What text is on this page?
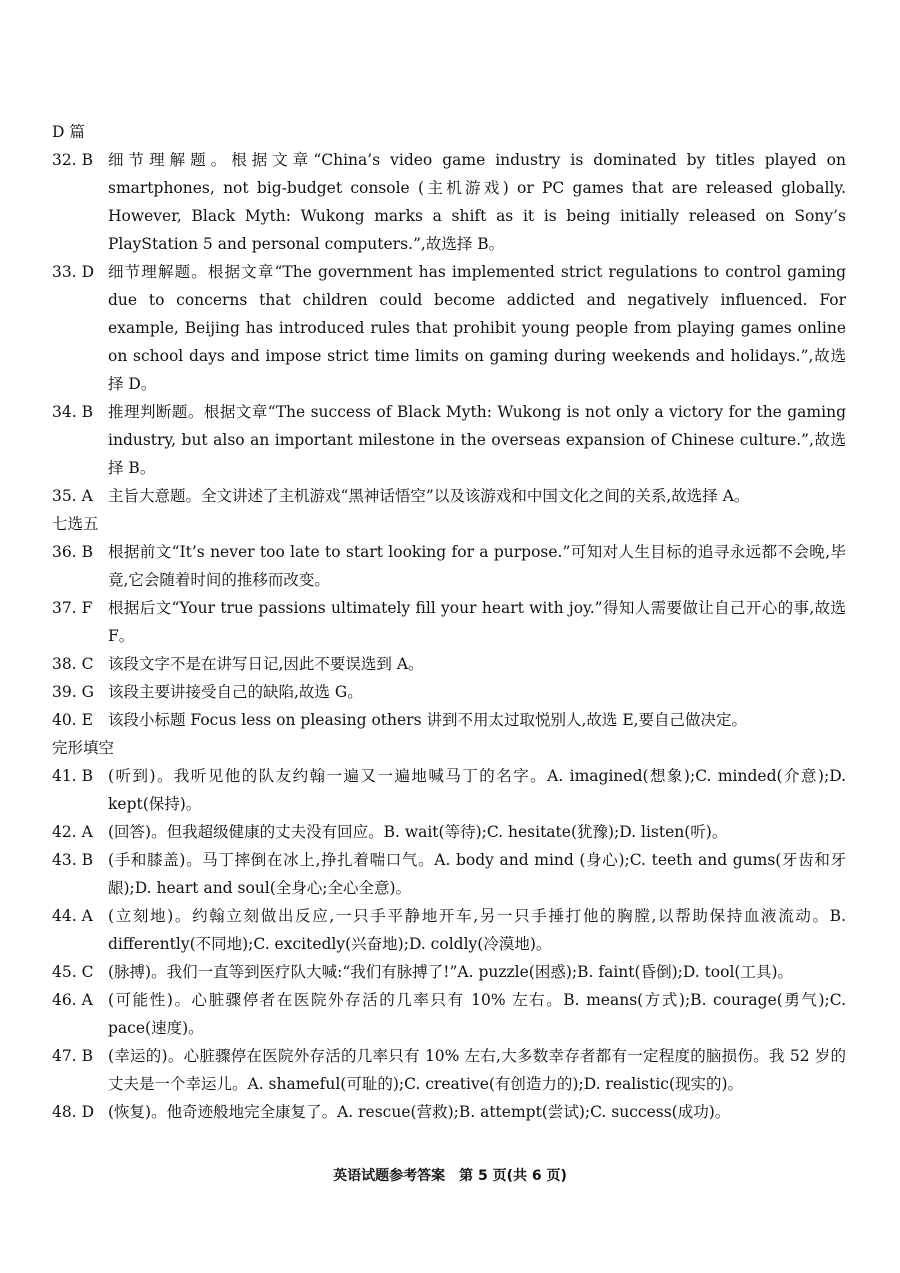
D 篇
32. B 细节理解题。根据文章“China’s video game industry is dominated by titles played on smartphones, not big-budget console (主机游戏) or PC games that are released globally. However, Black Myth: Wukong marks a shift as it is being initially released on Sony’s PlayStation 5 and personal computers.”,故选择 B。
33. D 细节理解题。根据文章“The government has implemented strict regulations to control gaming due to concerns that children could become addicted and negatively influenced. For example, Beijing has introduced rules that prohibit young people from playing games online on school days and impose strict time limits on gaming during weekends and holidays.”,故选择 D。
34. B 推理判断题。根据文章“The success of Black Myth: Wukong is not only a victory for the gaming industry, but also an important milestone in the overseas expansion of Chinese culture.”,故选择 B。
35. A 主旨大意题。全文讲述了主机游戏“黑神话悟空”以及该游戏和中国文化之间的关系,故选择 A。
七选五
36. B 根据前文“It’s never too late to start looking for a purpose.”可知对人生目标的追寻永远都不会晚,毕竟,它会随着时间的推移而改变。
37. F	根据后文“Your true passions ultimately fill your heart with joy.”得知人需要做让自己开心的事,故选 F。
38. C 该段文字不是在讲写日记,因此不要误选到 A。
39. G 该段主要讲接受自己的缺陷,故选 G。
40. E 该段小标题 Focus less on pleasing others 讲到不用太过取悦别人,故选 E,要自己做决定。
完形填空
41. B (听到)。我听见他的队友约翰一遍又一遍地喊马丁的名字。A. imagined(想象);C. minded(介意);D. kept(保持)。
42. A (回答)。但我超级健康的丈夫没有回应。B. wait(等待);C. hesitate(犹豫);D. listen(听)。
43. B (手和膝盖)。马丁摔倒在冰上,挣扎着喘口气。A. body and mind (身心);C. teeth and gums(牙齿和牙龈);D. heart and soul(全身心;全心全意)。
44. A (立刻地)。约翰立刻做出反应,一只手平静地开车,另一只手捶打他的胸膛,以帮助保持血液流动。B. differently(不同地);C. excitedly(兴奋地);D. coldly(冷漠地)。
45. C (脉搏)。我们一直等到医疗队大喊:“我们有脉搏了!”A. puzzle(困惑);B. faint(昏倒);D. tool(工具)。
46. A (可能性)。心脏骤停者在医院外存活的几率只有 10% 左右。B. means(方式);B. courage(勇气);C. pace(速度)。
47. B (幸运的)。心脏骤停在医院外存活的几率只有 10% 左右,大多数幸存者都有一定程度的脑损伤。我 52 岁的丈夫是一个幸运儿。A. shameful(可耻的);C. creative(有创造力的);D. realistic(现实的)。
48. D (恢复)。他奇迹般地完全康复了。A. rescue(营救);B. attempt(尝试);C. success(成功)。
英语试题参考答案　第 5 页(共 6 页)
